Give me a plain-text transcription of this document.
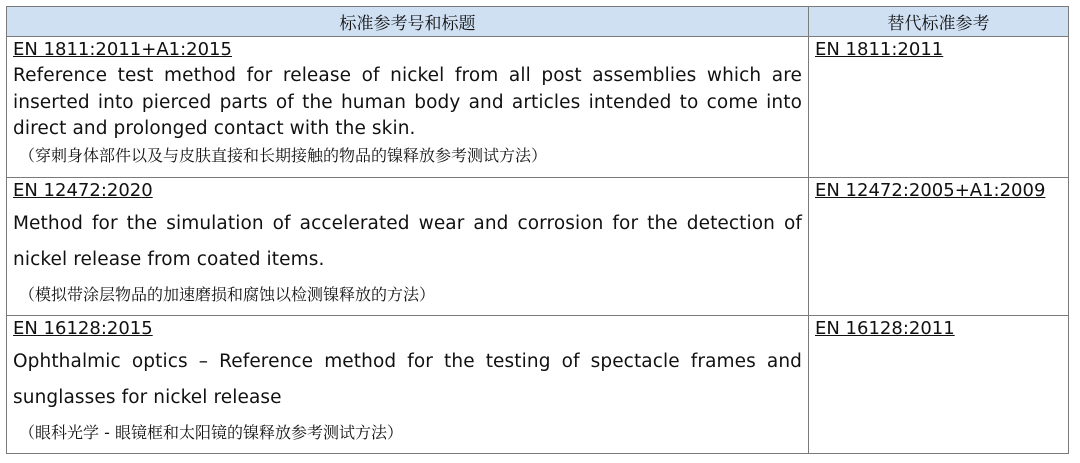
标准参考号和标题	替代标准参考

EN 1811:2011+A1:2015
Reference test method for release of nickel from all post assemblies which are inserted into pierced parts of the human body and articles intended to come into direct and prolonged contact with the skin.
（穿刺身体部件以及与皮肤直接和长期接触的物品的镍释放参考测试方法）	EN 1811:2011

EN 12472:2020
Method for the simulation of accelerated wear and corrosion for the detection of nickel release from coated items.
（模拟带涂层物品的加速磨损和腐蚀以检测镍释放的方法）	EN 12472:2005+A1:2009

EN 16128:2015
Ophthalmic optics – Reference method for the testing of spectacle frames and sunglasses for nickel release
（眼科光学 - 眼镜框和太阳镜的镍释放参考测试方法）	EN 16128:2011
